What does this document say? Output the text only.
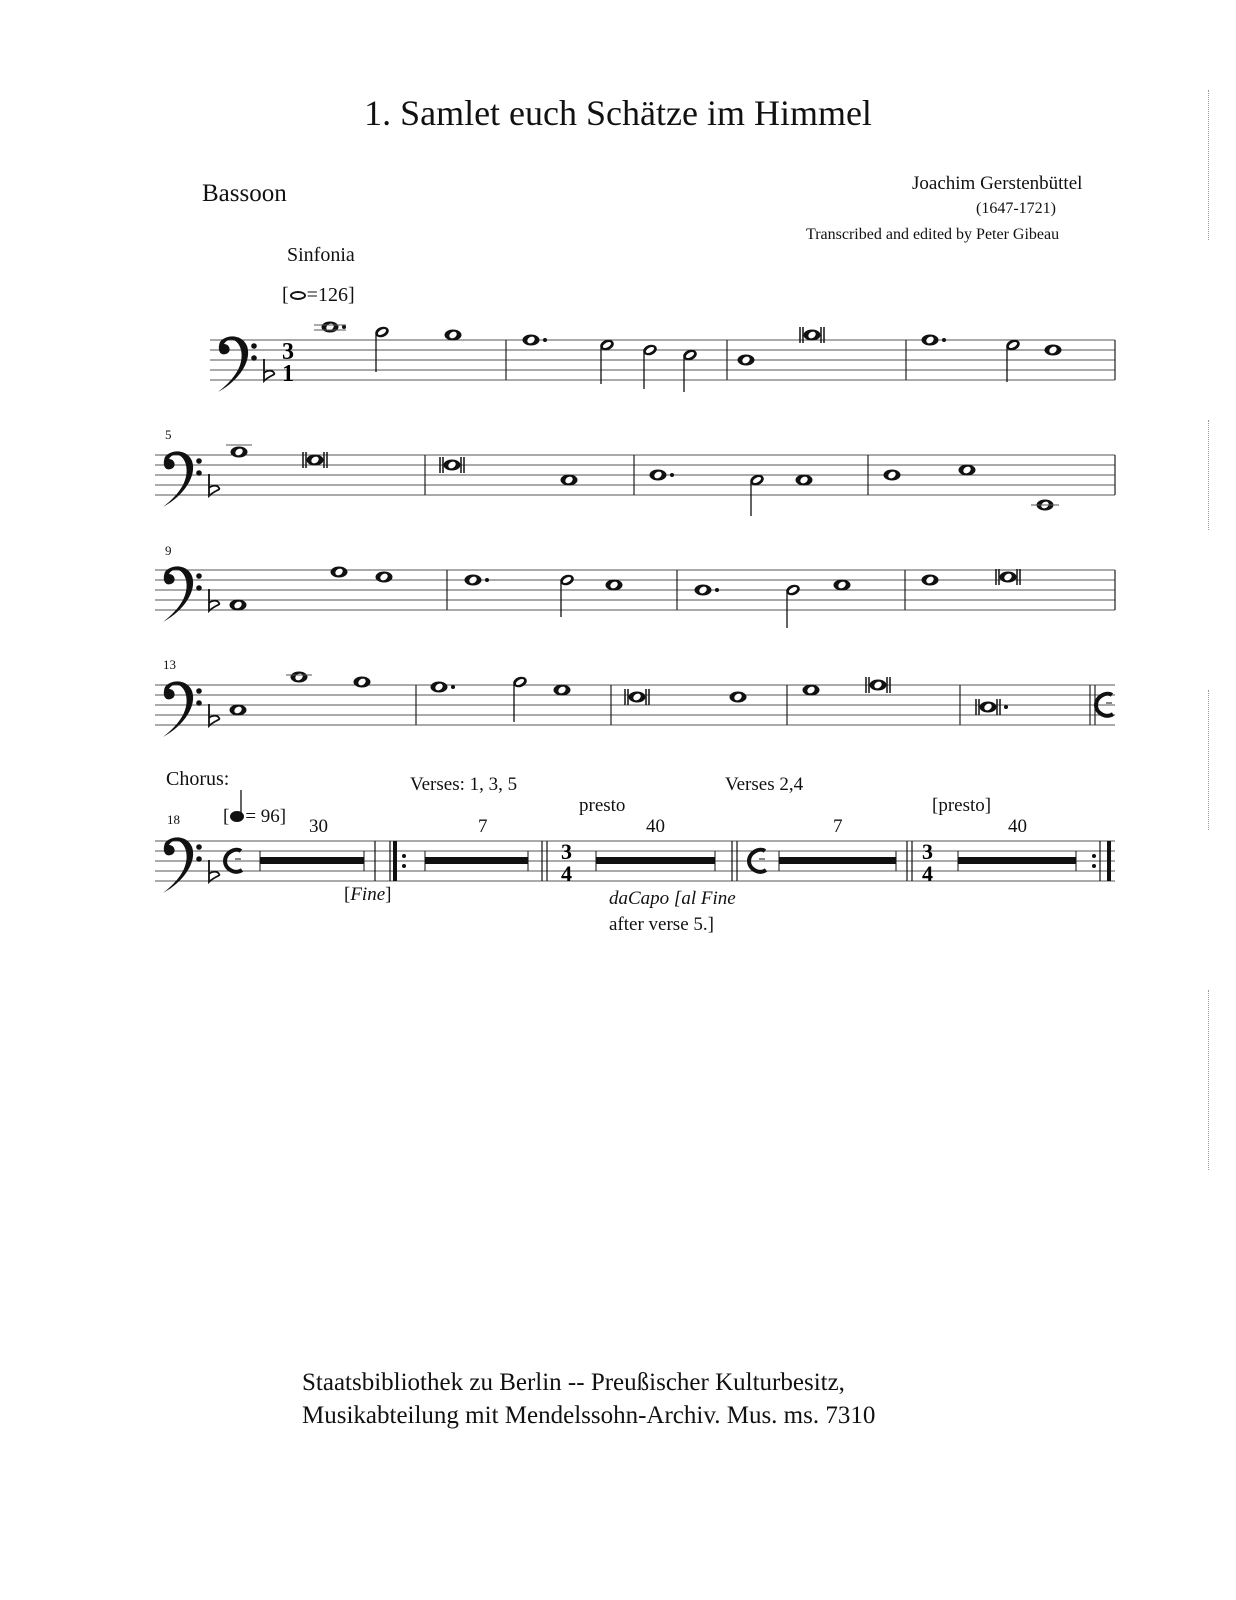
1. Samlet euch Schätze im Himmel
Bassoon	Joachim Gerstenbüttel
(1647-1721)
Transcribed and edited by Peter Gibeau
Sinfonia
[ =126]
5
9
13
Chorus:
18 [ = 96]
Verses: 1, 3, 5	Verses 2,4
presto	[presto]
30	7	40	7	40
[Fine]	daCapo [al Fine
after verse 5.]
Staatsbibliothek zu Berlin -- Preußischer Kulturbesitz,
Musikabteilung mit Mendelssohn-Archiv. Mus. ms. 7310
3
1
3
4
3
4
